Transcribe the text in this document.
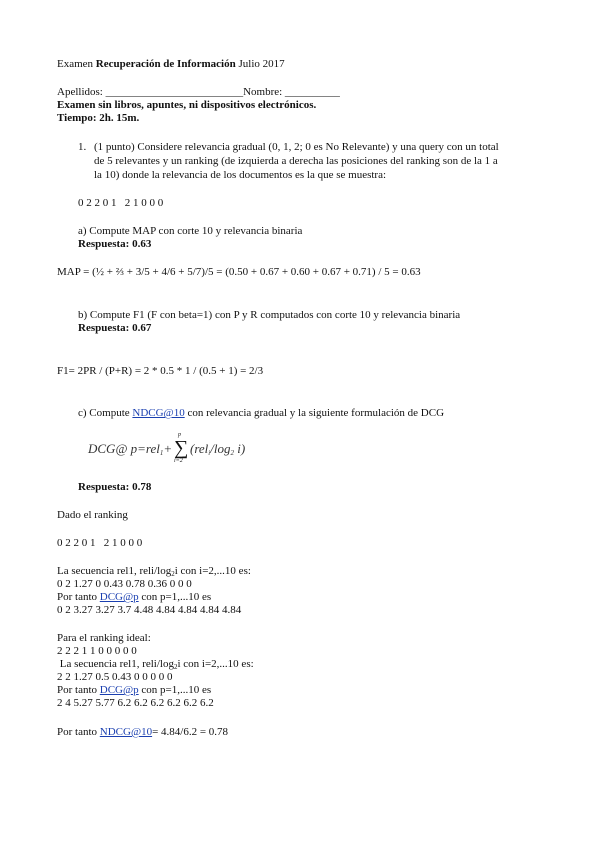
Examen Recuperación de Información Julio 2017
Apellidos: _________________________Nombre: __________
Examen sin libros, apuntes, ni dispositivos electrónicos.
Tiempo: 2h. 15m.
1. (1 punto) Considere relevancia gradual (0, 1, 2; 0 es No Relevante) y una query con un total
de 5 relevantes y un ranking (de izquierda a derecha las posiciones del ranking son de la 1 a
la 10) donde la relevancia de los documentos es la que se muestra:
0 2 2 0 1   2 1 0 0 0
a) Compute MAP con corte 10 y relevancia binaria
Respuesta: 0.63
MAP = (½ + ⅔ + 3/5 + 4/6 + 5/7)/5 = (0.50 + 0.67 + 0.60 + 0.67 + 0.71) / 5 = 0.63
b) Compute F1 (F con beta=1) con P y R computados con corte 10 y relevancia binaria
Respuesta: 0.67
F1= 2PR / (P+R) = 2 * 0.5 * 1 / (0.5 + 1) = 2/3
c) Compute NDCG@10 con relevancia gradual y la siguiente formulación de DCG
DCG@ p=rel$_1$+ ∑
p
i=2
($rel_i/\log_2$ i)
Respuesta: 0.78
Dado el ranking
0 2 2 0 1   2 1 0 0 0
La secuencia rel1, reli/$\log_2i$ con i=2,...10 es:
0 2 1.27 0 0.43 0.78 0.36 0 0 0
Por tanto DCG@p con p=1,...10 es
0 2 3.27 3.27 3.7 4.48 4.84 4.84 4.84 4.84
Para el ranking ideal:
2 2 2 1 1 0 0 0 0 0
La secuencia rel1, reli/$\log_2i$ con i=2,...10 es:
2 2 1.27 0.5 0.43 0 0 0 0 0
Por tanto DCG@p con p=1,...10 es
2 4 5.27 5.77 6.2 6.2 6.2 6.2 6.2 6.2
Por tanto NDCG@10= 4.84/6.2 = 0.78
